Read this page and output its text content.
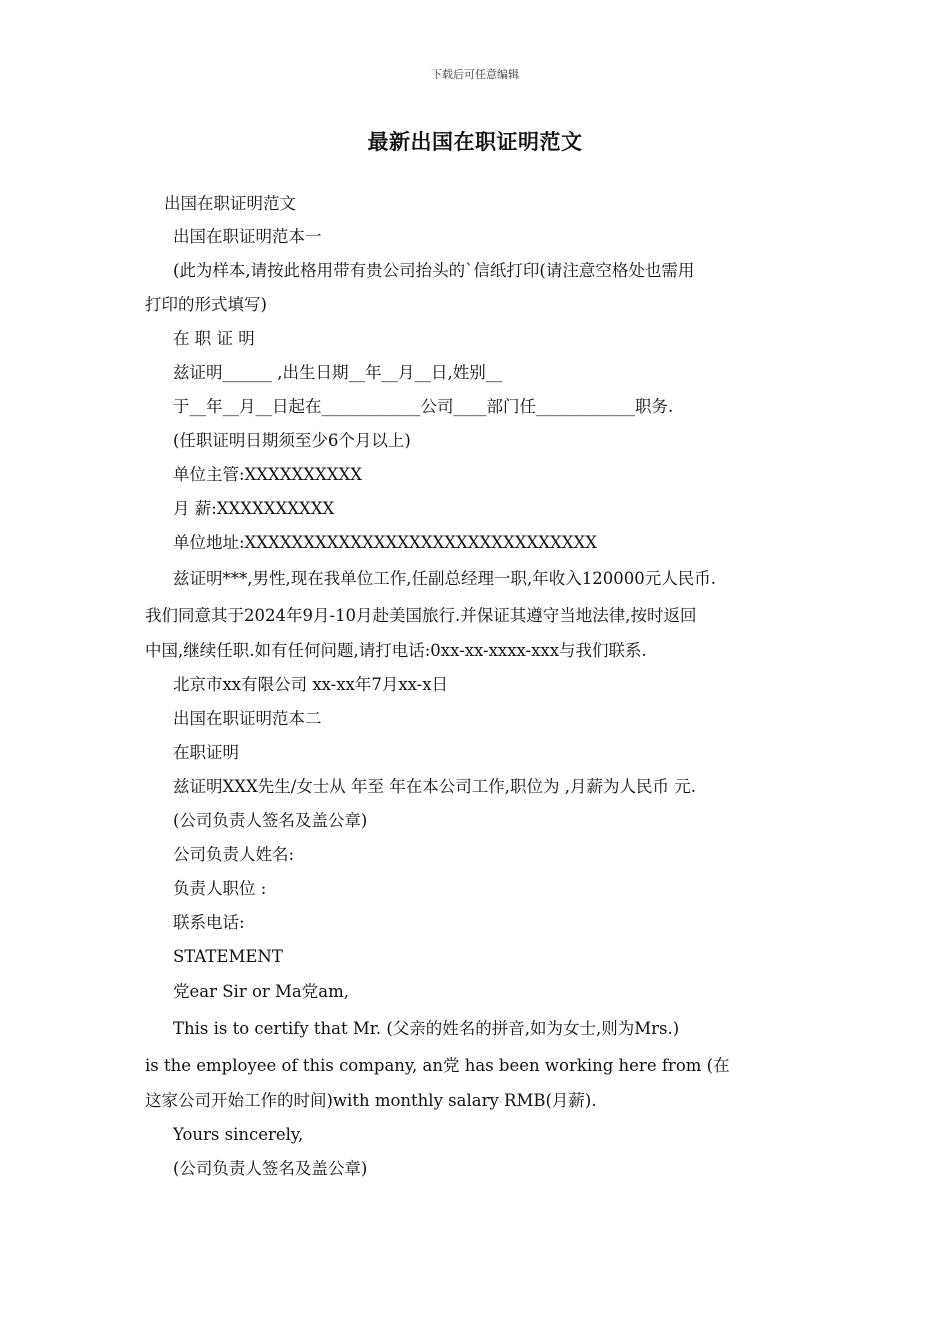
下载后可任意编辑
最新出国在职证明范文

出国在职证明范文

出国在职证明范本一

(此为样本,请按此格用带有贵公司抬头的`信纸打印(请注意空格处也需用

打印的形式填写)

在 职 证 明

兹证明______ ,出生日期__年__月__日,姓别__

于__年__月__日起在____________公司____部门任____________职务.

(任职证明日期须至少6个月以上)

单位主管:XXXXXXXXXX

月 薪:XXXXXXXXXX

单位地址:XXXXXXXXXXXXXXXXXXXXXXXXXXXXXX

兹证明***,男性,现在我单位工作,任副总经理一职,年收入120000元人民币.

我们同意其于2024年9月-10月赴美国旅行.并保证其遵守当地法律,按时返回

中国,继续任职.如有任何问题,请打电话:0xx-xx-xxxx-xxx与我们联系.

北京市xx有限公司 xx-xx年7月xx-x日

出国在职证明范本二

在职证明

兹证明XXX先生/女士从 年至 年在本公司工作,职位为 ,月薪为人民币 元.

(公司负责人签名及盖公章)

公司负责人姓名:

负责人职位 :

联系电话:

STATEMENT

党ear Sir or Ma党am,

This is to certify that Mr. (父亲的姓名的拼音,如为女士,则为Mrs.)

is the employee of this company, an党 has been working here from (在

这家公司开始工作的时间)with monthly salary RMB(月薪).

Yours sincerely,

(公司负责人签名及盖公章)
